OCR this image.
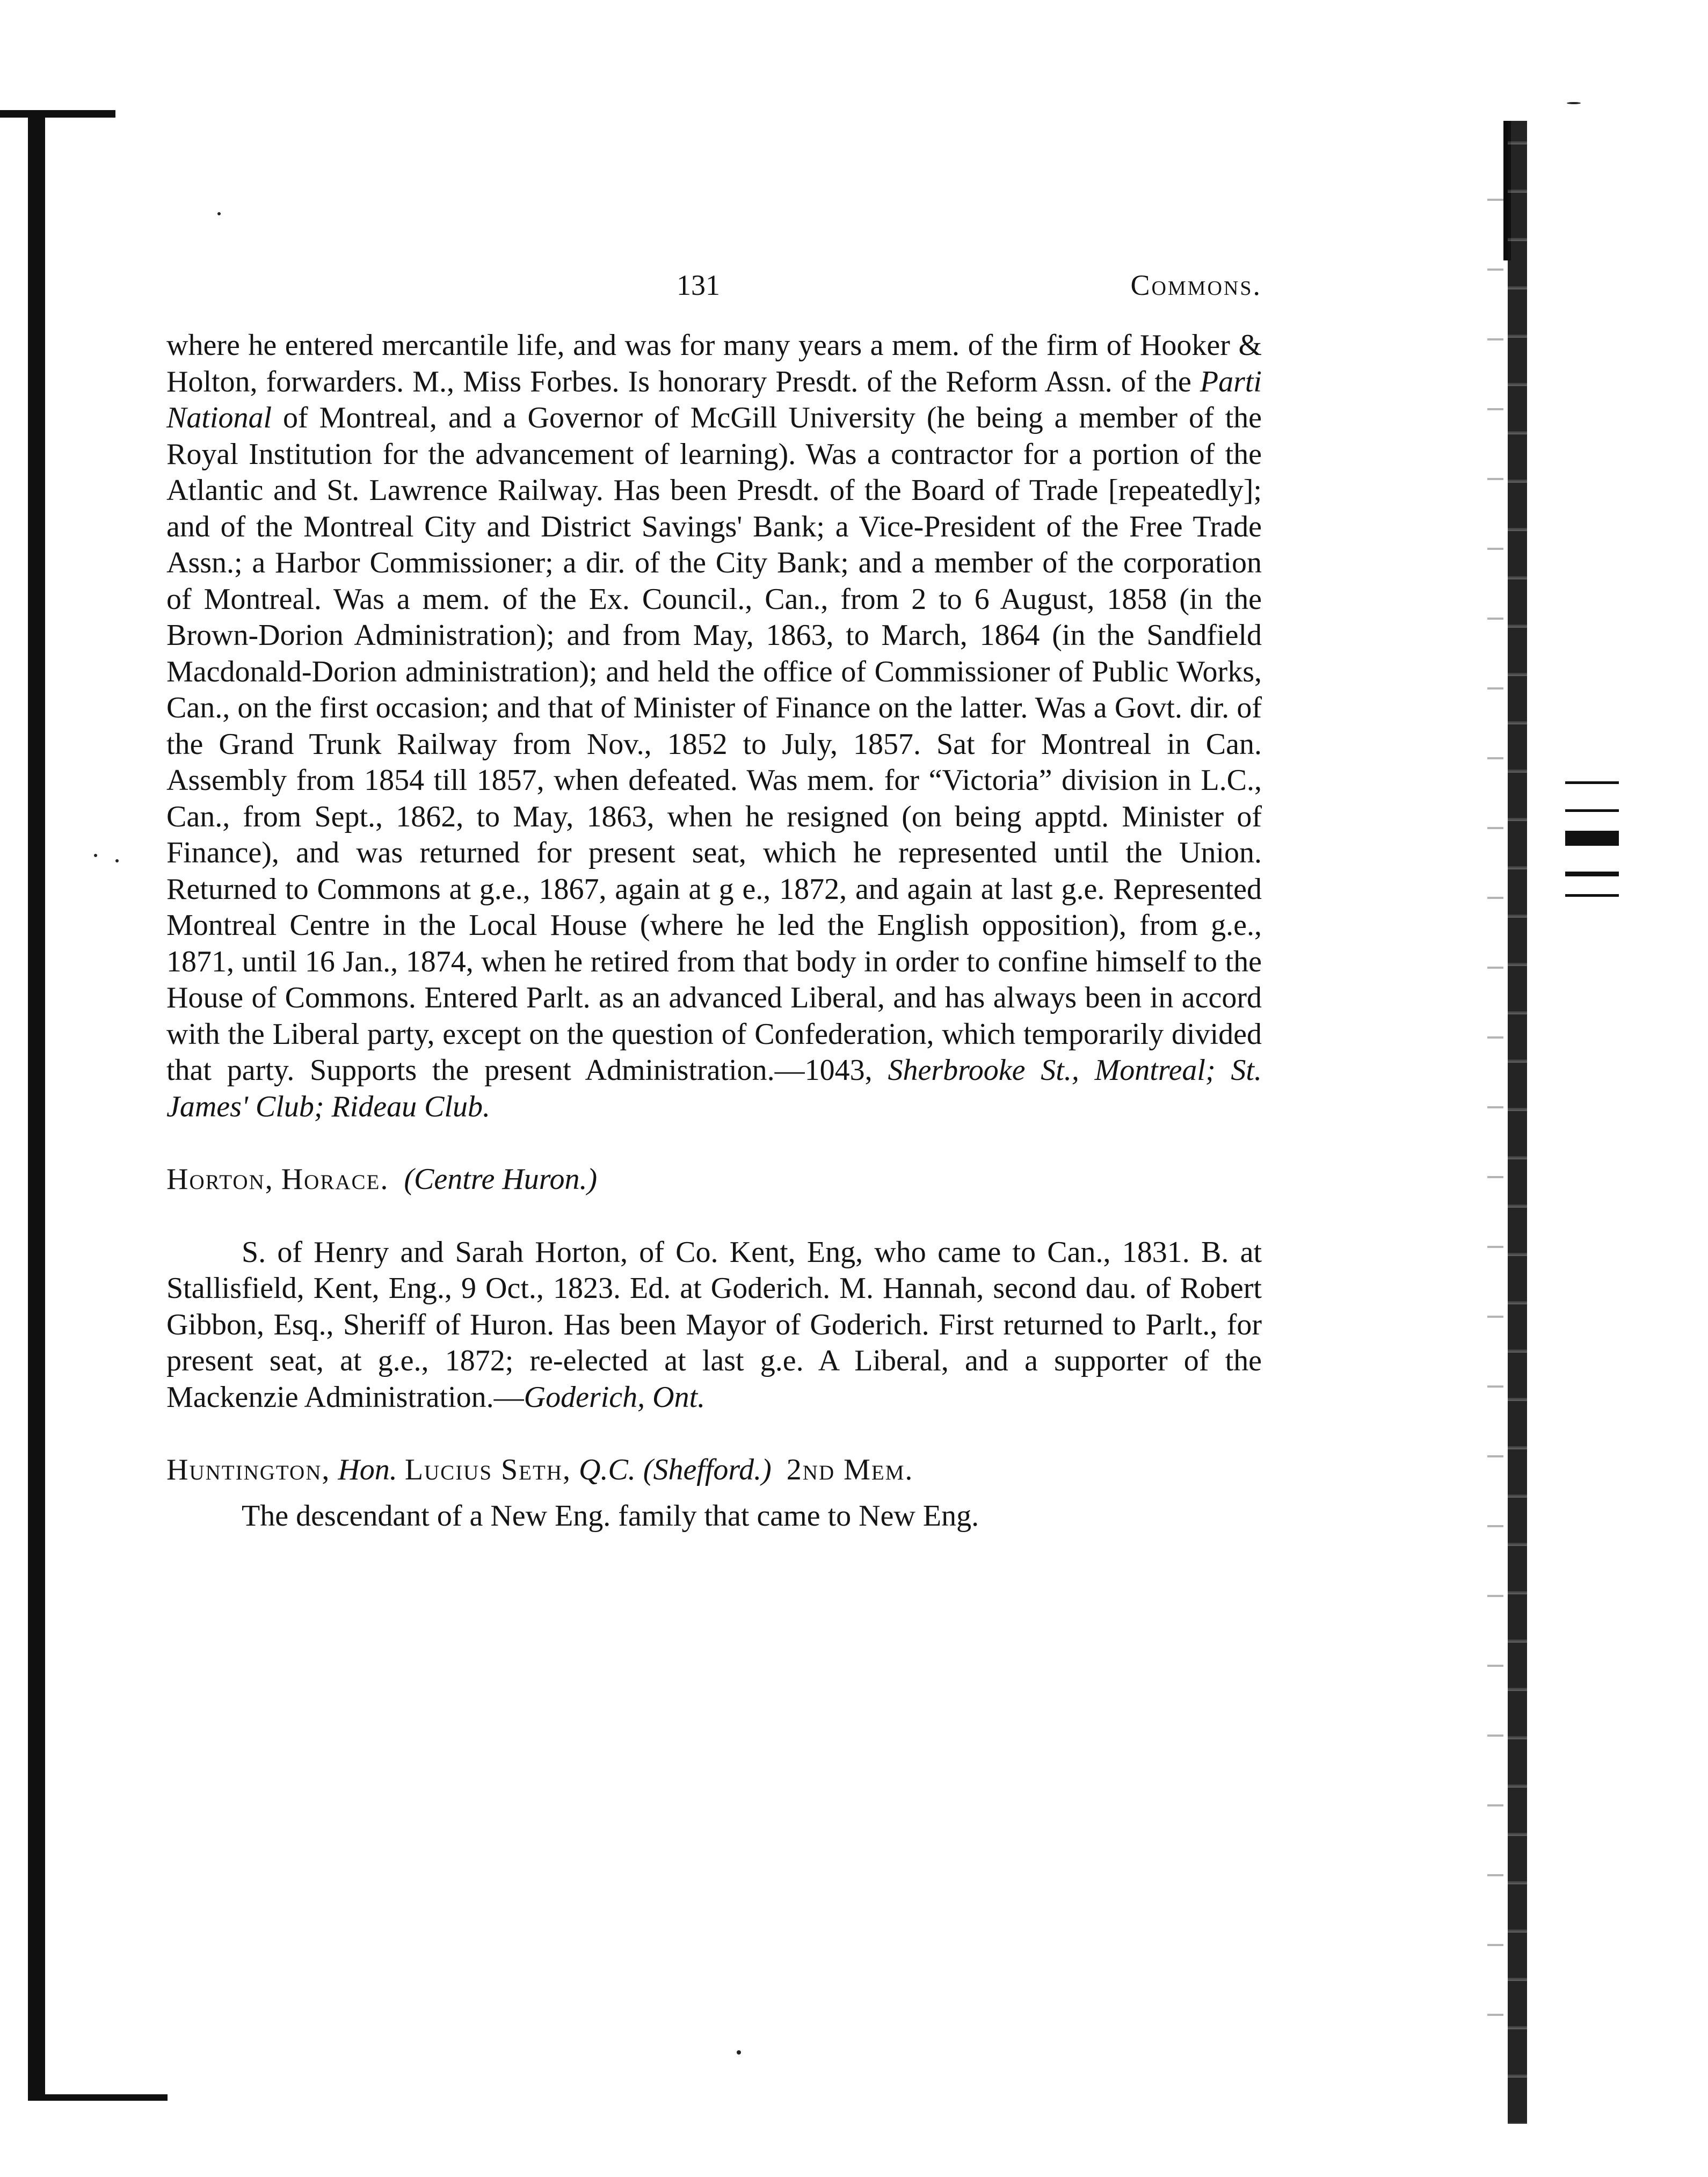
131	Commons.

where he entered mercantile life, and was for many years a mem. of the firm of Hooker & Holton, forwarders. M., Miss Forbes. Is honorary Presdt. of the Reform Assn. of the Parti National of Montreal, and a Governor of McGill University (he being a member of the Royal Institution for the advancement of learning). Was a contractor for a portion of the Atlantic and St. Lawrence Railway. Has been Presdt. of the Board of Trade [repeatedly]; and of the Montreal City and District Savings' Bank; a Vice-President of the Free Trade Assn.; a Harbor Commissioner; a dir. of the City Bank; and a member of the corporation of Montreal. Was a mem. of the Ex. Council., Can., from 2 to 6 August, 1858 (in the Brown-Dorion Administration); and from May, 1863, to March, 1864 (in the Sandfield Macdonald-Dorion administration); and held the office of Commissioner of Public Works, Can., on the first occasion; and that of Minister of Finance on the latter. Was a Govt. dir. of the Grand Trunk Railway from Nov., 1852 to July, 1857. Sat for Montreal in Can. Assembly from 1854 till 1857, when defeated. Was mem. for “Victoria” division in L.C., Can., from Sept., 1862, to May, 1863, when he resigned (on being apptd. Minister of Finance), and was returned for present seat, which he represented until the Union. Returned to Commons at g.e., 1867, again at g e., 1872, and again at last g.e. Represented Montreal Centre in the Local House (where he led the English opposition), from g.e., 1871, until 16 Jan., 1874, when he retired from that body in order to confine himself to the House of Commons. Entered Parlt. as an advanced Liberal, and has always been in accord with the Liberal party, except on the question of Confederation, which temporarily divided that party. Supports the present Administration.—1043, Sherbrooke St., Montreal; St. James' Club; Rideau Club.

Horton, Horace. (Centre Huron.)

S. of Henry and Sarah Horton, of Co. Kent, Eng, who came to Can., 1831. B. at Stallisfield, Kent, Eng., 9 Oct., 1823. Ed. at Goderich. M. Hannah, second dau. of Robert Gibbon, Esq., Sheriff of Huron. Has been Mayor of Goderich. First returned to Parlt., for present seat, at g.e., 1872; re-elected at last g.e. A Liberal, and a supporter of the Mackenzie Administration.—Goderich, Ont.

Huntington, Hon. Lucius Seth, Q.C. (Shefford.) 2nd Mem.

The descendant of a New Eng. family that came to New Eng.
